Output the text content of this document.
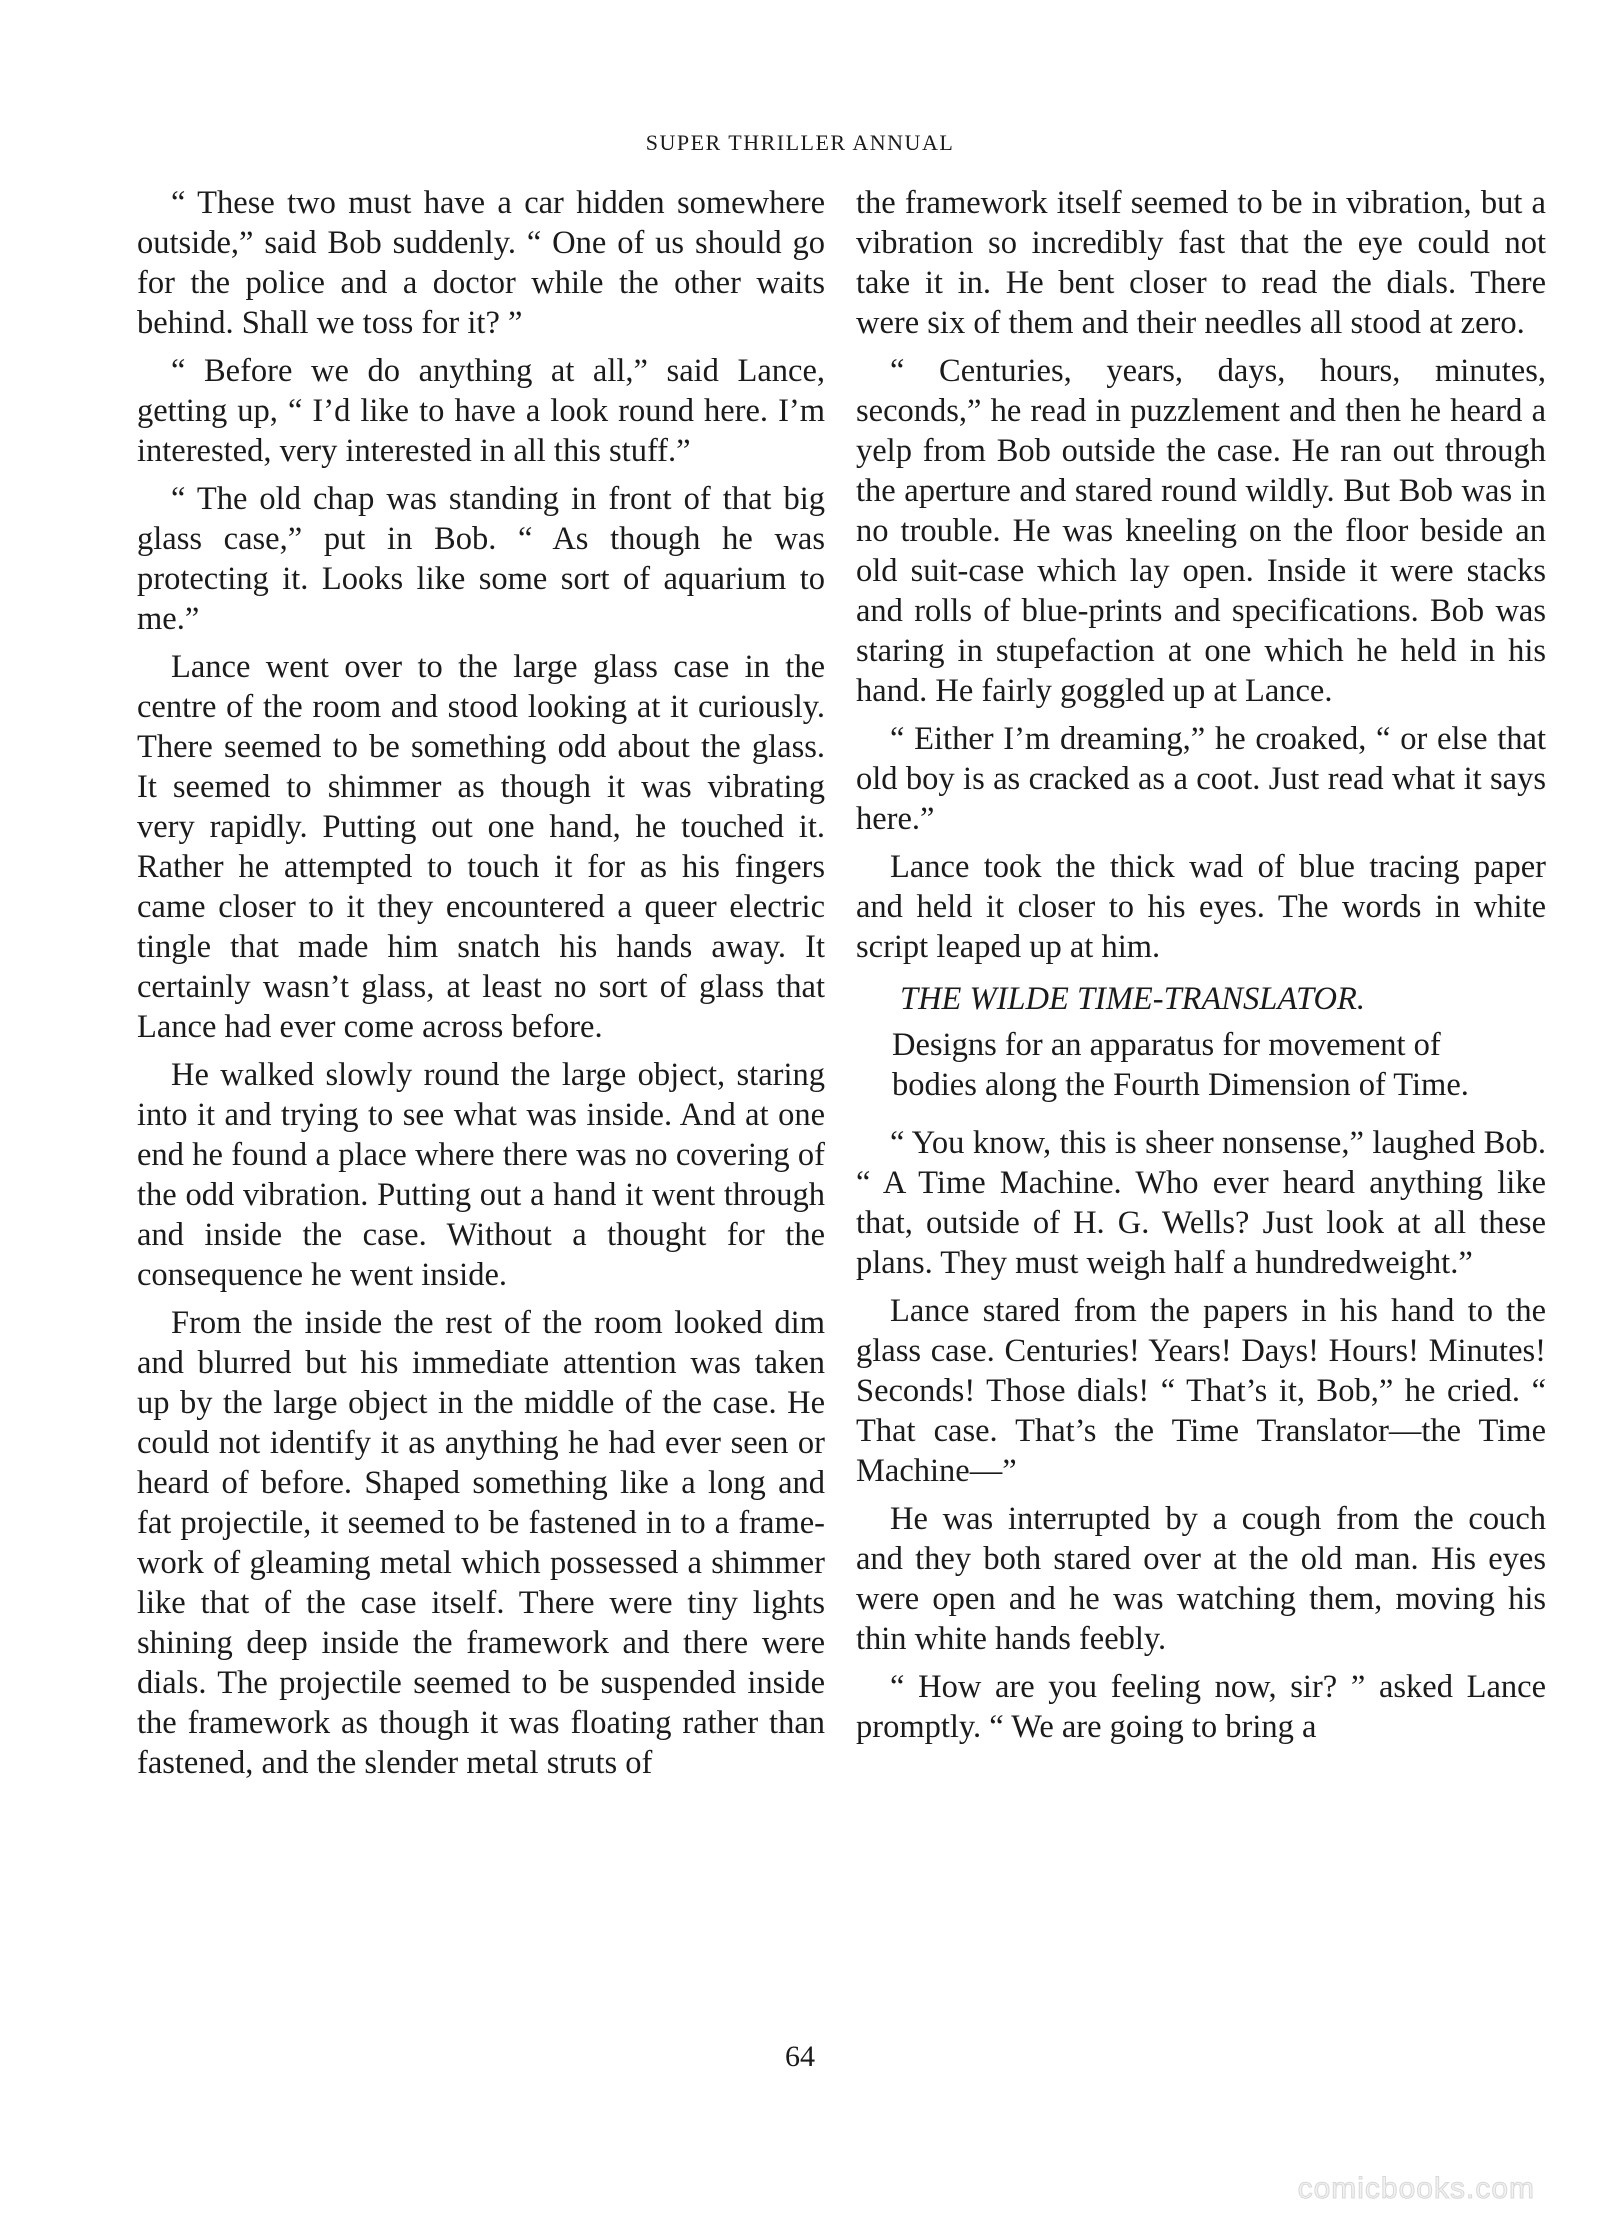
SUPER THRILLER ANNUAL

“ These two must have a car hidden somewhere outside,” said Bob suddenly. “ One of us should go for the police and a doctor while the other waits behind. Shall we toss for it? ”

“ Before we do anything at all,” said Lance, getting up, “ I’d like to have a look round here. I’m interested, very interested in all this stuff.”

“ The old chap was standing in front of that big glass case,” put in Bob. “ As though he was protecting it. Looks like some sort of aquarium to me.”

Lance went over to the large glass case in the centre of the room and stood looking at it curiously. There seemed to be something odd about the glass. It seemed to shimmer as though it was vibrating very rapidly. Putting out one hand, he touched it. Rather he attempted to touch it for as his fingers came closer to it they encountered a queer electric tingle that made him snatch his hands away. It certainly wasn’t glass, at least no sort of glass that Lance had ever come across before.

He walked slowly round the large object, staring into it and trying to see what was inside. And at one end he found a place where there was no covering of the odd vibration. Putting out a hand it went through and inside the case. Without a thought for the consequence he went inside.

From the inside the rest of the room looked dim and blurred but his immediate attention was taken up by the large object in the middle of the case. He could not identify it as anything he had ever seen or heard of before. Shaped something like a long and fat projectile, it seemed to be fastened in to a frame-work of gleaming metal which possessed a shimmer like that of the case itself. There were tiny lights shining deep inside the framework and there were dials. The projectile seemed to be suspended inside the framework as though it was floating rather than fastened, and the slender metal struts of

the framework itself seemed to be in vibration, but a vibration so incredibly fast that the eye could not take it in. He bent closer to read the dials. There were six of them and their needles all stood at zero.

“ Centuries, years, days, hours, minutes, seconds,” he read in puzzlement and then he heard a yelp from Bob outside the case. He ran out through the aperture and stared round wildly. But Bob was in no trouble. He was kneeling on the floor beside an old suit-case which lay open. Inside it were stacks and rolls of blue-prints and specifications. Bob was staring in stupefaction at one which he held in his hand. He fairly goggled up at Lance.

“ Either I’m dreaming,” he croaked, “ or else that old boy is as cracked as a coot. Just read what it says here.”

Lance took the thick wad of blue tracing paper and held it closer to his eyes. The words in white script leaped up at him.

THE WILDE TIME-TRANSLATOR.

Designs for an apparatus for movement of bodies along the Fourth Dimension of Time.

“ You know, this is sheer nonsense,” laughed Bob. “ A Time Machine. Who ever heard anything like that, outside of H. G. Wells? Just look at all these plans. They must weigh half a hundredweight.”

Lance stared from the papers in his hand to the glass case. Centuries! Years! Days! Hours! Minutes! Seconds! Those dials! “ That’s it, Bob,” he cried. “ That case. That’s the Time Translator—the Time Machine—”

He was interrupted by a cough from the couch and they both stared over at the old man. His eyes were open and he was watching them, moving his thin white hands feebly.

“ How are you feeling now, sir? ” asked Lance promptly. “ We are going to bring a

64
comicbooks.com
